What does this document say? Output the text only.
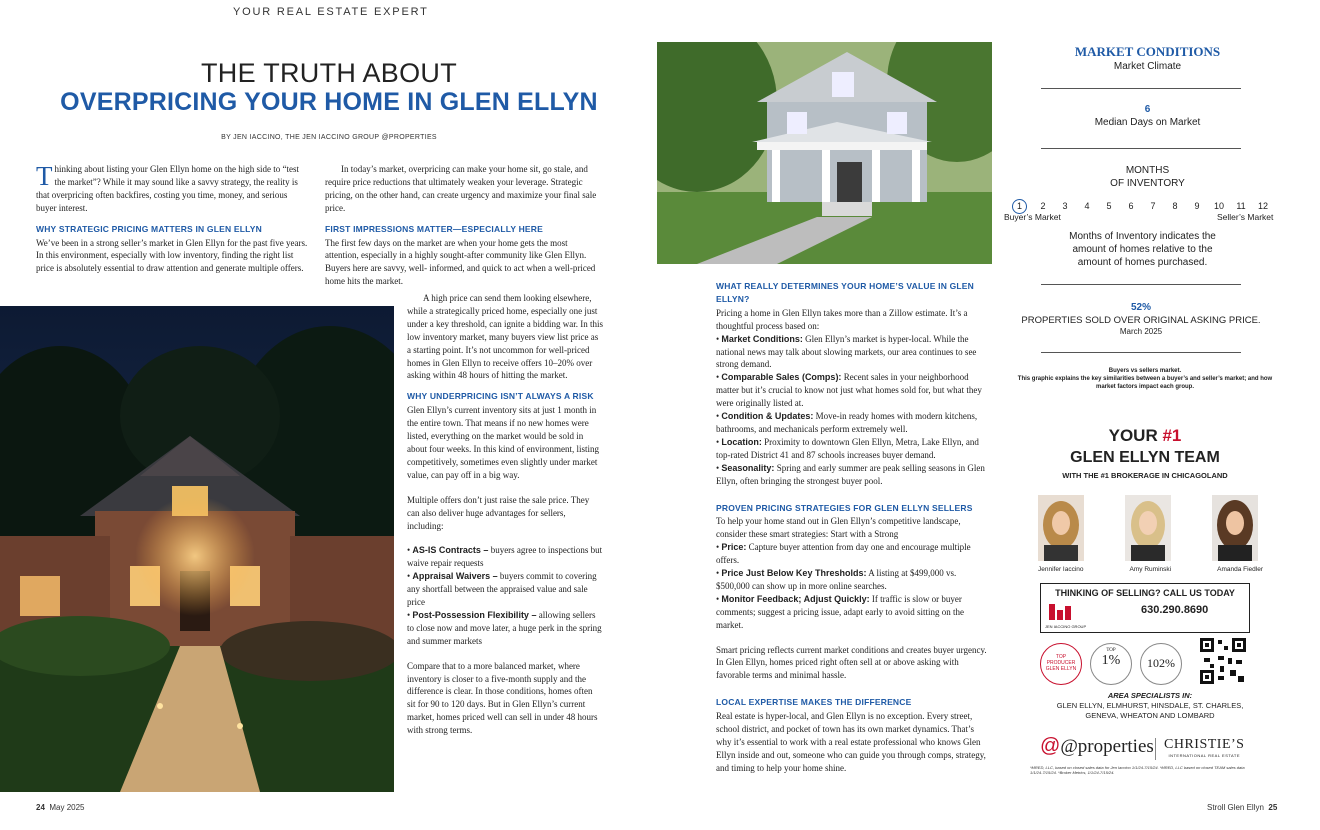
YOUR REAL ESTATE EXPERT
THE TRUTH ABOUT
OVERPRICING YOUR HOME IN GLEN ELLYN
BY JEN IACCINO, THE JEN IACCINO GROUP @PROPERTIES

Thinking about listing your Glen Ellyn home on the high side to “test the market”? While it may sound like a savvy strategy, the reality is that overpricing often backfires, costing you time, money, and serious buyer interest.

WHY STRATEGIC PRICING MATTERS IN GLEN ELLYN

We’ve been in a strong seller’s market in Glen Ellyn for the past five years. In this environment, especially with low inventory, finding the right list price is absolutely essential to draw attention and generate multiple offers.

In today’s market, overpricing can make your home sit, go stale, and require price reductions that ultimately weaken your leverage. Strategic pricing, on the other hand, can create urgency and maximize your final sale price.

FIRST IMPRESSIONS MATTER—ESPECIALLY HERE

The first few days on the market are when your home gets the most attention, especially in a highly sought-after community like Glen Ellyn. Buyers here are savvy, well- informed, and quick to act when a well-priced home hits the market.

A high price can send them looking elsewhere, while a strategically priced home, especially one just under a key threshold, can ignite a bidding war. In this low inventory market, many buyers view list price as a starting point. It’s not uncommon for well-priced homes in Glen Ellyn to receive offers 10–20% over asking within 48 hours of hitting the market.

WHY UNDERPRICING ISN’T ALWAYS A RISK

Glen Ellyn’s current inventory sits at just 1 month in the entire town. That means if no new homes were listed, everything on the market would be sold in about four weeks. In this kind of environment, listing competitively, sometimes even slightly under market value, can pay off in a big way.

Multiple offers don’t just raise the sale price. They can also deliver huge advantages for sellers, including:

• AS-IS Contracts – buyers agree to inspections but waive repair requests

• Appraisal Waivers – buyers commit to covering any shortfall between the appraised value and sale price

• Post-Possession Flexibility – allowing sellers to close now and move later, a huge perk in the spring and summer markets

Compare that to a more balanced market, where inventory is closer to a five-month supply and the difference is clear. In those conditions, homes often sit for 90 to 120 days. But in Glen Ellyn’s current market, homes priced well can sell in under 48 hours with strong terms.

WHAT REALLY DETERMINES YOUR HOME’S VALUE IN GLEN ELLYN?

Pricing a home in Glen Ellyn takes more than a Zillow estimate. It’s a thoughtful process based on:

• Market Conditions: Glen Ellyn’s market is hyper-local. While the national news may talk about slowing markets, our area continues to see strong demand.

• Comparable Sales (Comps): Recent sales in your neighborhood matter but it’s crucial to know not just what homes sold for, but what they were originally listed at.

• Condition & Updates: Move-in ready homes with modern kitchens, bathrooms, and mechanicals perform extremely well.

• Location: Proximity to downtown Glen Ellyn, Metra, Lake Ellyn, and top-rated District 41 and 87 schools increases buyer demand.

• Seasonality: Spring and early summer are peak selling seasons in Glen Ellyn, often bringing the strongest buyer pool.

PROVEN PRICING STRATEGIES FOR GLEN ELLYN SELLERS

To help your home stand out in Glen Ellyn’s competitive landscape, consider these smart strategies: Start with a Strong

• Price: Capture buyer attention from day one and encourage multiple offers.

• Price Just Below Key Thresholds: A listing at $499,000 vs. $500,000 can show up in more online searches.

• Monitor Feedback; Adjust Quickly: If traffic is slow or buyer comments; suggest a pricing issue, adapt early to avoid sitting on the market.

Smart pricing reflects current market conditions and creates buyer urgency. In Glen Ellyn, homes priced right often sell at or above asking with favorable terms and minimal hassle.

LOCAL EXPERTISE MAKES THE DIFFERENCE

Real estate is hyper-local, and Glen Ellyn is no exception. Every street, school district, and pocket of town has its own market dynamics. That’s why it’s essential to work with a real estate professional who knows Glen Ellyn inside and out, someone who can guide you through comps, strategy, and timing to help your home shine.

MARKET CONDITIONS
Market Climate
6
Median Days on Market
MONTHS
OF INVENTORY
1 2 3 4 5 6 7 8 9 10 11 12
Buyer’s Market	Seller’s Market
Months of Inventory indicates the amount of homes relative to the amount of homes purchased.
52%
PROPERTIES SOLD OVER ORIGINAL ASKING PRICE.
March 2025
Buyers vs sellers market.
This graphic explains the key similarities between a buyer’s and seller’s market; and how market factors impact each group.
YOUR #1
GLEN ELLYN TEAM
WITH THE #1 BROKERAGE IN CHICAGOLAND
Jennifer Iaccino	Amy Ruminski	Amanda Fiedler
THINKING OF SELLING? CALL US TODAY
JEN IACCINO GROUP
630.290.8690
TOP PRODUCER GLEN ELLYN
TOP
1%	102%
AREA SPECIALISTS IN:
GLEN ELLYN, ELMHURST, HINSDALE, ST. CHARLES,
GENEVA, WHEATON AND LOMBARD
@@properties CHRISTIE’S
INTERNATIONAL REAL ESTATE
*MRED, LLC, based on closed sales data for Jen Iaccino 1/1/24-7/15/24. *MRED, LLC based on closed TEAM sales data 1/1/24-7/15/24. *Broker Metrics, 1/1/24-7/15/24.
24 May 2025	Stroll Glen Ellyn 25
